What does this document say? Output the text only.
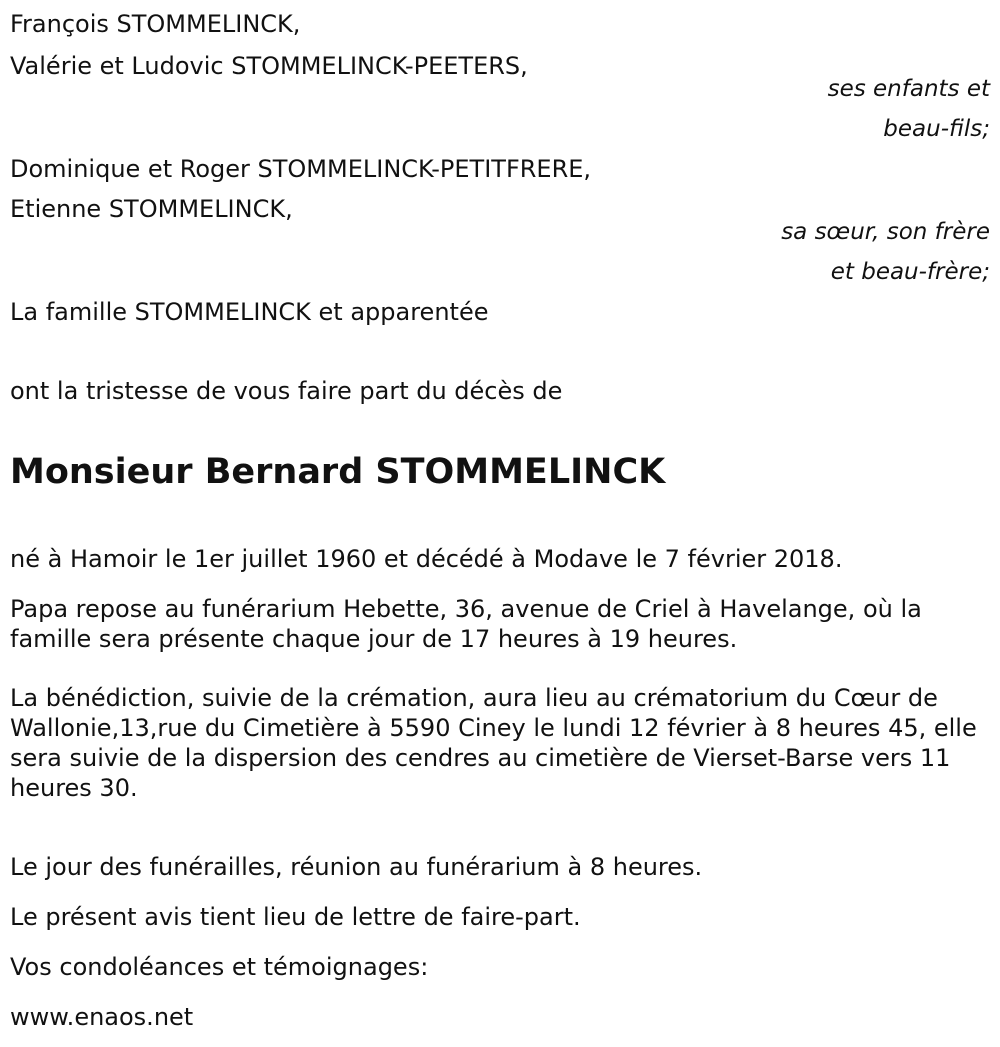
François STOMMELINCK,
Valérie et Ludovic STOMMELINCK-PEETERS,
ses enfants et
beau-fils;
Dominique et Roger STOMMELINCK-PETITFRERE,
Etienne STOMMELINCK,
sa sœur, son frère
et beau-frère;
La famille STOMMELINCK et apparentée
ont la tristesse de vous faire part du décès de
Monsieur Bernard STOMMELINCK
né à Hamoir le 1er juillet 1960 et décédé à Modave le 7 février 2018.
Papa repose au funérarium Hebette, 36, avenue de Criel à Havelange, où la famille sera présente chaque jour de 17 heures à 19 heures.
La bénédiction, suivie de la crémation, aura lieu au crématorium du Cœur de Wallonie,13,rue du Cimetière à 5590 Ciney le lundi 12 février à 8 heures 45, elle sera suivie de la dispersion des cendres au cimetière de Vierset-Barse vers 11 heures 30.
Le jour des funérailles, réunion au funérarium à 8 heures.
Le présent avis tient lieu de lettre de faire-part.
Vos condoléances et témoignages:
www.enaos.net
